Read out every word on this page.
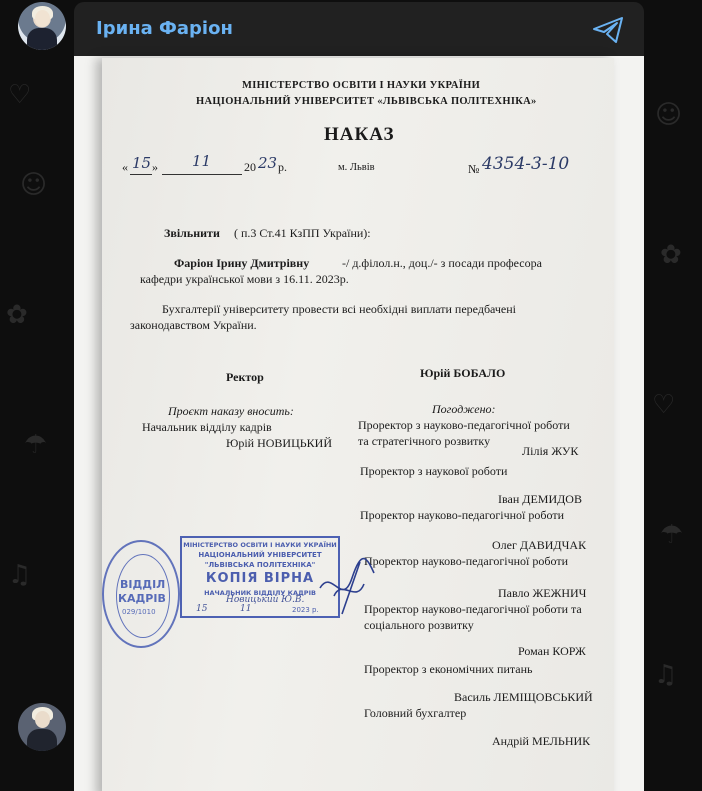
♡
☺
✿
☂
♫
☺
✿
♡
☂
♫
Ірина Фаріон
МІНІСТЕРСТВО ОСВІТИ І НАУКИ УКРАЇНИ
НАЦІОНАЛЬНИЙ УНІВЕРСИТЕТ «ЛЬВІВСЬКА ПОЛІТЕХНІКА»
НАКАЗ
« 15 » 11	20 23 р.	м. Львів	№ 4354-3-10
Звільнити ( п.3 Ст.41 КзПП України):
Фаріон Ірину Дмитрівну	-/ д.філол.н., доц./- з посади професора
кафедри української мови з 16.11. 2023р.
Бухгалтерії університету провести всі необхідні виплати передбачені
законодавством України.
Ректор	Юрій БОБАЛО
Проєкт наказу вносить:
Начальник відділу кадрів
Юрій НОВИЦЬКИЙ
Погоджено:
Проректор з науково-педагогічної роботи
та стратегічного розвитку
Лілія ЖУК
Проректор з наукової роботи
Іван ДЕМИДОВ
Проректор науково-педагогічної роботи
Олег ДАВИДЧАК
Проректор науково-педагогічної роботи
Павло ЖЕЖНИЧ
Проректор науково-педагогічної роботи та
соціального розвитку
Роман КОРЖ
Проректор з економічних питань
Василь ЛЕМІЩОВСЬКИЙ
Головний бухгалтер
Андрій МЕЛЬНИК
ВІДДІЛ
КАДРІВ
029/1010
МІНІСТЕРСТВО ОСВІТИ І НАУКИ УКРАЇНИ
НАЦІОНАЛЬНИЙ УНІВЕРСИТЕТ
"ЛЬВІВСЬКА ПОЛІТЕХНІКА"
КОПІЯ ВІРНА
НАЧАЛЬНИК ВІДДІЛУ КАДРІВ
Новицький Ю.В.
15	11	2023 р.
